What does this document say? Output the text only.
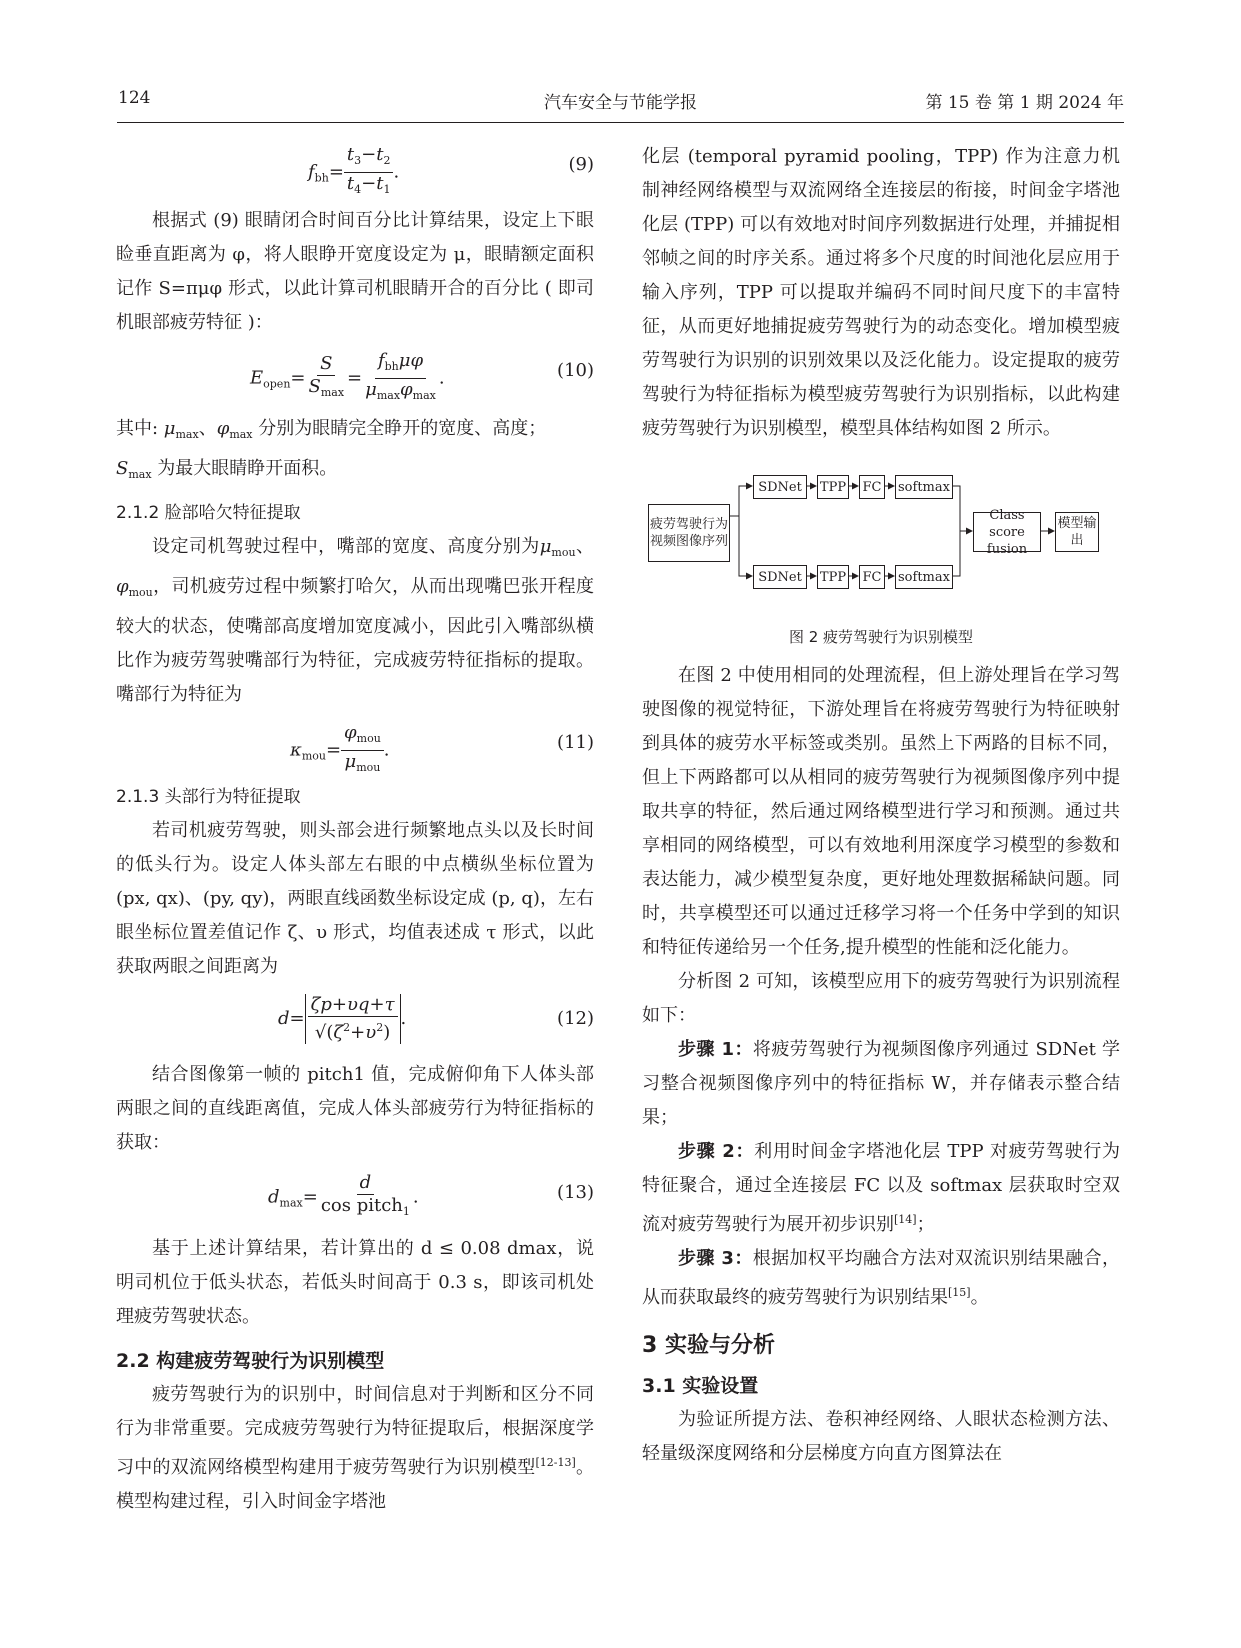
124	汽车安全与节能学报	第 15 卷 第 1 期 2024 年
$f_{bh}= \frac{t_3-t_2}{t_4-t_1}$ .	(9)

根据式 (9) 眼睛闭合时间百分比计算结果，设定上下眼睑垂直距离为 φ，将人眼睁开宽度设定为 μ，眼睛额定面积记作 S=πμφ 形式，以此计算司机眼睛开合的百分比 ( 即司机眼部疲劳特征 )：

$E_{open}= \frac{S}{S_{max}} = \frac{f_{bh}\mu\varphi}{\mu_{max}\varphi_{max}}$ .	(10)

其中: $\mu_{max}$、$\varphi_{max}$ 分别为眼睛完全睁开的宽度、高度；
$S_{max}$ 为最大眼睛睁开面积。

2.1.2 脸部哈欠特征提取

设定司机驾驶过程中，嘴部的宽度、高度分别为$\mu_{mou}$、$\varphi_{mou}$，司机疲劳过程中频繁打哈欠，从而出现嘴巴张开程度较大的状态，使嘴部高度增加宽度减小，因此引入嘴部纵横比作为疲劳驾驶嘴部行为特征，完成疲劳特征指标的提取。嘴部行为特征为

$\kappa_{mou}= \frac{\varphi_{mou}}{\mu_{mou}}$ .	(11)
2.1.3 头部行为特征提取

若司机疲劳驾驶，则头部会进行频繁地点头以及长时间的低头行为。设定人体头部左右眼的中点横纵坐标位置为 (px, qx)、(py, qy)，两眼直线函数坐标设定成 (p, q)，左右眼坐标位置差值记作 ζ、υ 形式，均值表述成 τ 形式，以此获取两眼之间距离为

$d= \frac{\zeta p+\upsilon q+\tau}{√(\zeta^2+\upsilon^2)}$ .	(12)

结合图像第一帧的 pitch1 值，完成俯仰角下人体头部两眼之间的直线距离值，完成人体头部疲劳行为特征指标的获取：

$d_{max}= \frac{d}{\cos pitch_1}$ .	(13)

基于上述计算结果，若计算出的 d ≤ 0.08 dmax，说明司机位于低头状态，若低头时间高于 0.3 s，即该司机处理疲劳驾驶状态。

2.2 构建疲劳驾驶行为识别模型

疲劳驾驶行为的识别中，时间信息对于判断和区分不同行为非常重要。完成疲劳驾驶行为特征提取后，根据深度学习中的双流网络模型构建用于疲劳驾驶行为识别模型[12-13]。模型构建过程，引入时间金字塔池

化层 (temporal pyramid pooling，TPP) 作为注意力机制神经网络模型与双流网络全连接层的衔接，时间金字塔池化层 (TPP) 可以有效地对时间序列数据进行处理，并捕捉相邻帧之间的时序关系。通过将多个尺度的时间池化层应用于输入序列，TPP 可以提取并编码不同时间尺度下的丰富特征，从而更好地捕捉疲劳驾驶行为的动态变化。增加模型疲劳驾驶行为识别的识别效果以及泛化能力。设定提取的疲劳驾驶行为特征指标为模型疲劳驾驶行为识别指标，以此构建疲劳驾驶行为识别模型，模型具体结构如图 2 所示。

疲劳驾驶行为视频图像序列
SDNet	TPP FC softmax
SDNet	TPP FC softmax
Class score fusion
模型输出
图 2 疲劳驾驶行为识别模型

在图 2 中使用相同的处理流程，但上游处理旨在学习驾驶图像的视觉特征，下游处理旨在将疲劳驾驶行为特征映射到具体的疲劳水平标签或类别。虽然上下两路的目标不同，但上下两路都可以从相同的疲劳驾驶行为视频图像序列中提取共享的特征，然后通过网络模型进行学习和预测。通过共享相同的网络模型，可以有效地利用深度学习模型的参数和表达能力，减少模型复杂度，更好地处理数据稀缺问题。同时，共享模型还可以通过迁移学习将一个任务中学到的知识和特征传递给另一个任务,提升模型的性能和泛化能力。

分析图 2 可知，该模型应用下的疲劳驾驶行为识别流程如下：

步骤 1：将疲劳驾驶行为视频图像序列通过 SDNet 学习整合视频图像序列中的特征指标 W，并存储表示整合结果；

步骤 2：利用时间金字塔池化层 TPP 对疲劳驾驶行为特征聚合，通过全连接层 FC 以及 softmax 层获取时空双流对疲劳驾驶行为展开初步识别[14]；

步骤 3：根据加权平均融合方法对双流识别结果融合，从而获取最终的疲劳驾驶行为识别结果[15]。

3 实验与分析
3.1 实验设置

为验证所提方法、卷积神经网络、人眼状态检测方法、轻量级深度网络和分层梯度方向直方图算法在
